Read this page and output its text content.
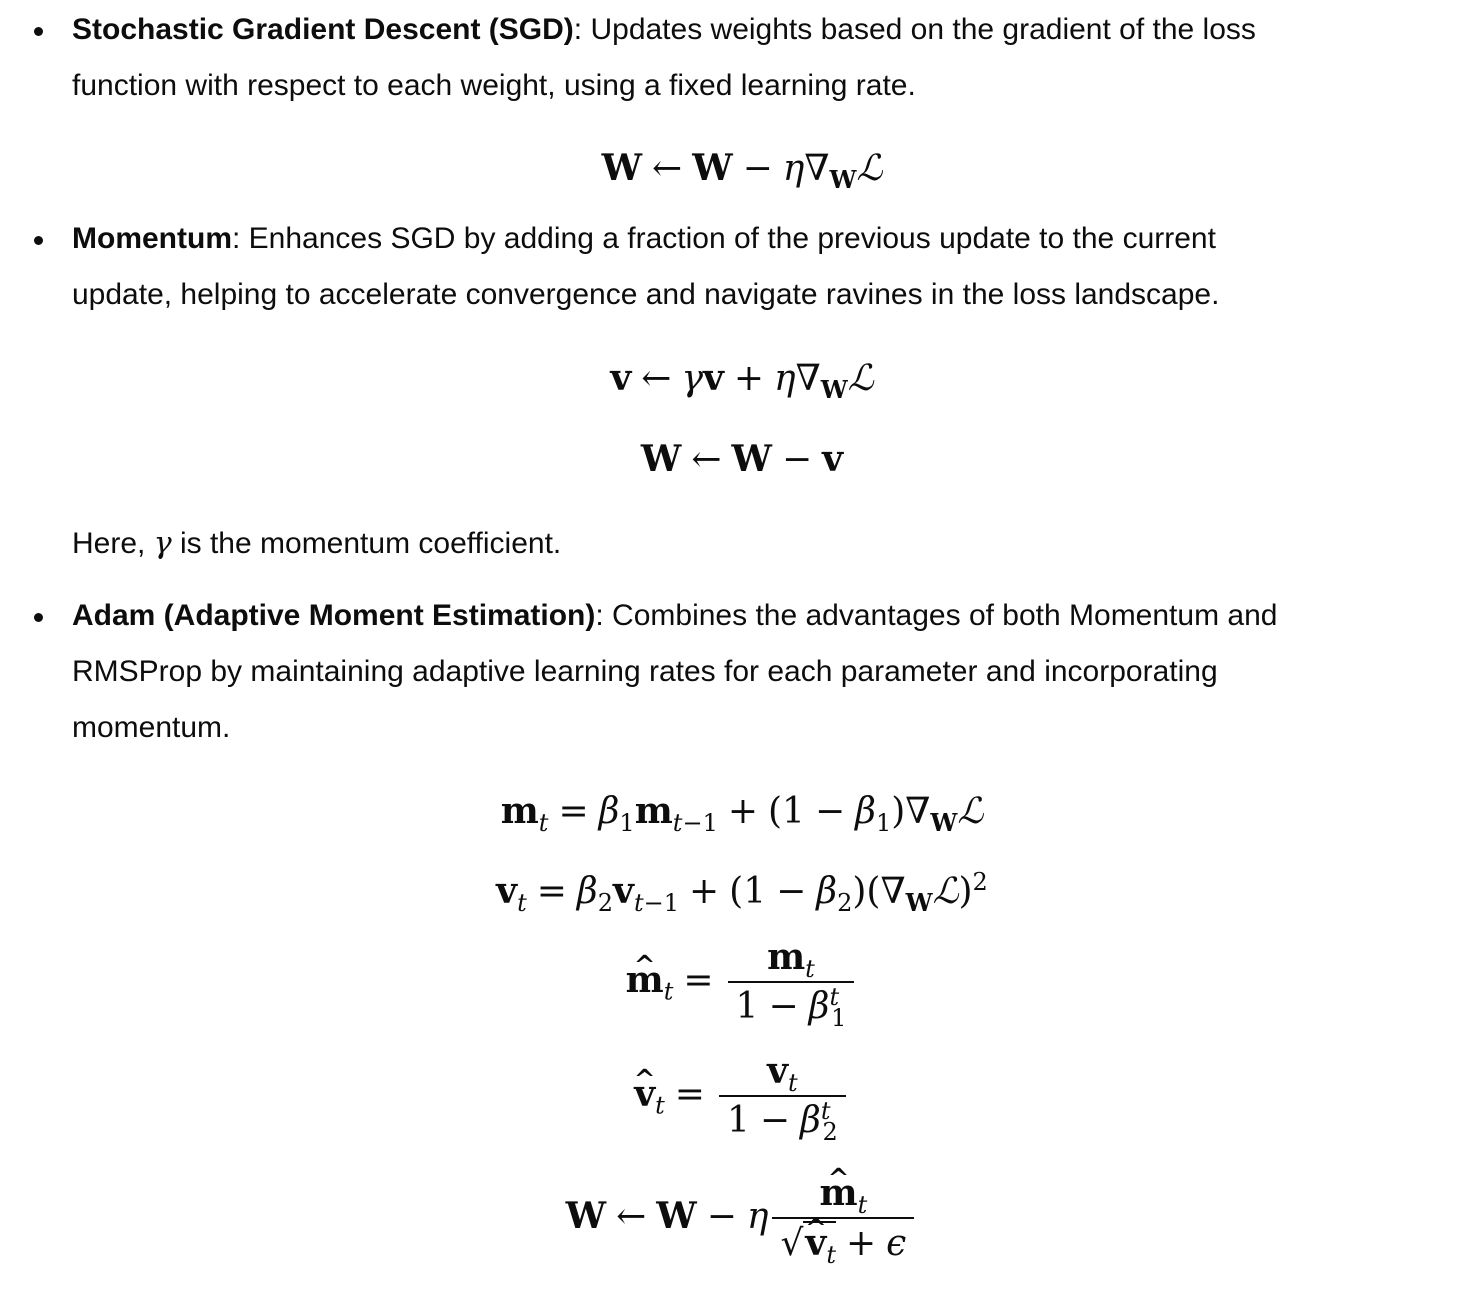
Stochastic Gradient Descent (SGD): Updates weights based on the gradient of the loss
function with respect to each weight, using a fixed learning rate.
W ← $W - \eta\nabla_Wℒ$
Momentum: Enhances SGD by adding a fraction of the previous update to the current
update, helping to accelerate convergence and navigate ravines in the loss landscape.
v ← $\gamma v + \eta\nabla_Wℒ$
W ← W − v
Here, γ is the momentum coefficient.
Adam (Adaptive Moment Estimation): Combines the advantages of both Momentum and
RMSProp by maintaining adaptive learning rates for each parameter and incorporating
momentum.
$m_t = \beta_1m_{t-1} + (1$ − $\beta_1)\nabla_Wℒ$
$v_t = \beta_2v_{t-1} + (1$ − $\beta_2)(\nabla_Wℒ)^2$
^ $m_t = \frac{m_t}{1 - \beta^t_1}$
^ $v_t = \frac{v_t}{1 - \beta^t_2}$
W ← W − η
^ $\frac{m_t}{√\^{} v_t + \epsilon}$
